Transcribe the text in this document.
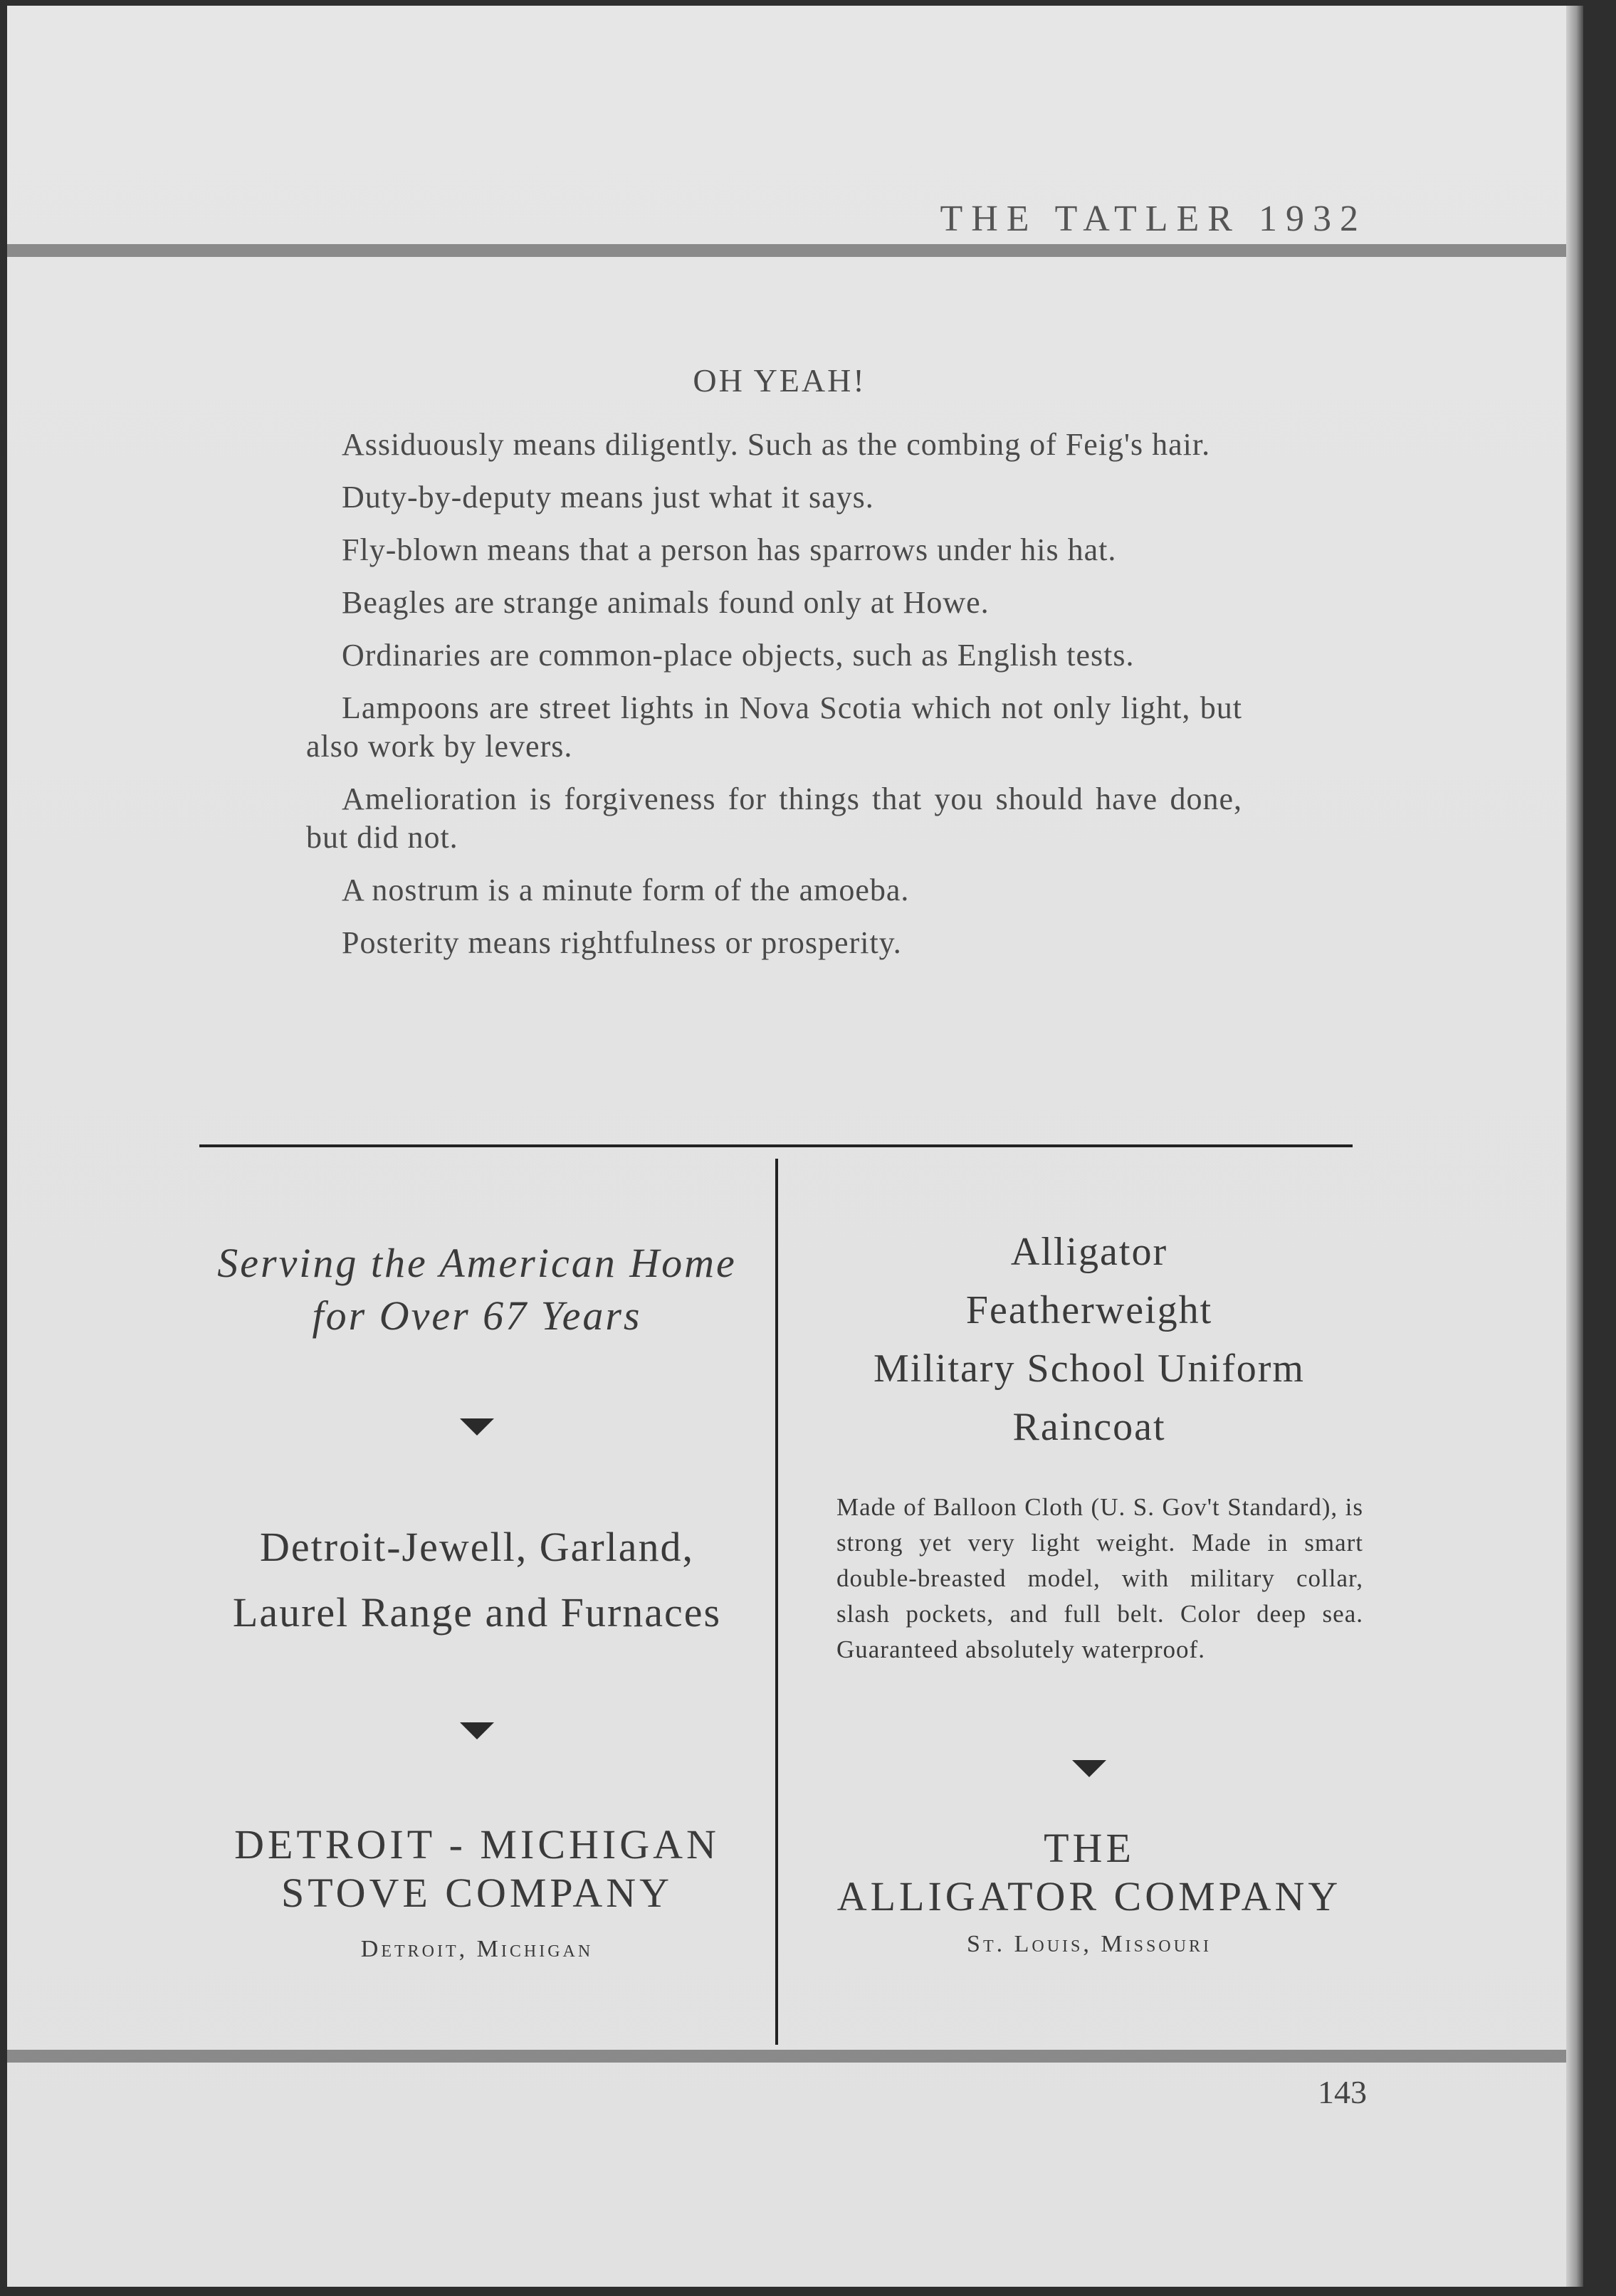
THE TATLER 1932
OH YEAH!

Assiduously means diligently. Such as the combing of Feig's hair.

Duty-by-deputy means just what it says.

Fly-blown means that a person has sparrows under his hat.

Beagles are strange animals found only at Howe.

Ordinaries are common-place objects, such as English tests.

Lampoons are street lights in Nova Scotia which not only light, but also work by levers.

Amelioration is forgiveness for things that you should have done, but did not.

A nostrum is a minute form of the amoeba.

Posterity means rightfulness or prosperity.

Serving the American Home
for Over 67 Years
Detroit-Jewell, Garland,
Laurel Range and Furnaces
DETROIT - MICHIGAN
STOVE COMPANY
Detroit, Michigan
Alligator
Featherweight
Military School Uniform
Raincoat
Made of Balloon Cloth (U. S. Gov't Standard), is strong yet very light weight. Made in smart double-breasted model, with military collar, slash pockets, and full belt. Color deep sea. Guaranteed absolutely waterproof.
THE
ALLIGATOR COMPANY
St. Louis, Missouri
143
